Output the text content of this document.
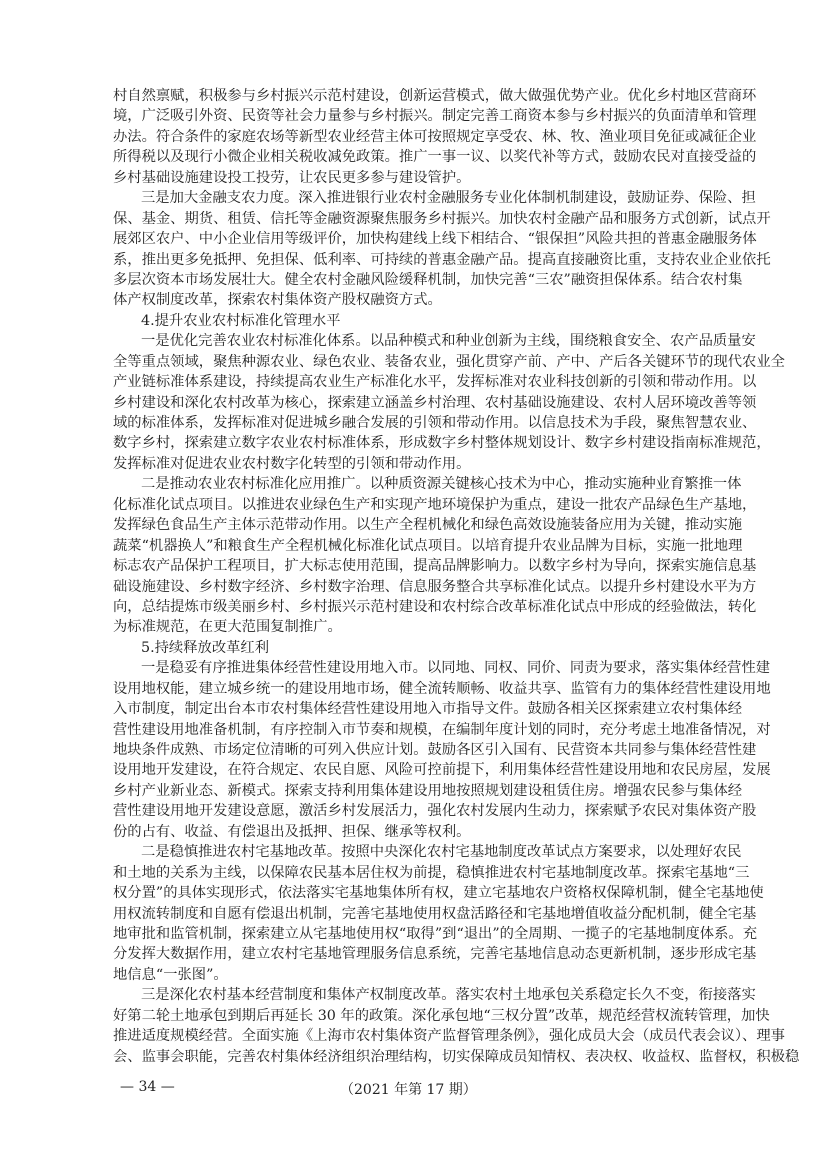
村自然禀赋，积极参与乡村振兴示范村建设，创新运营模式，做大做强优势产业。优化乡村地区营商环
境，广泛吸引外资、民资等社会力量参与乡村振兴。制定完善工商资本参与乡村振兴的负面清单和管理
办法。符合条件的家庭农场等新型农业经营主体可按照规定享受农、林、牧、渔业项目免征或减征企业
所得税以及现行小微企业相关税收减免政策。推广一事一议、以奖代补等方式，鼓励农民对直接受益的
乡村基础设施建设投工投劳，让农民更多参与建设管护。
三是加大金融支农力度。深入推进银行业农村金融服务专业化体制机制建设，鼓励证券、保险、担
保、基金、期货、租赁、信托等金融资源聚焦服务乡村振兴。加快农村金融产品和服务方式创新，试点开
展郊区农户、中小企业信用等级评价，加快构建线上线下相结合、“银保担”风险共担的普惠金融服务体
系，推出更多免抵押、免担保、低利率、可持续的普惠金融产品。提高直接融资比重，支持农业企业依托
多层次资本市场发展壮大。健全农村金融风险缓释机制，加快完善“三农”融资担保体系。结合农村集
体产权制度改革，探索农村集体资产股权融资方式。
4.提升农业农村标准化管理水平
一是优化完善农业农村标准化体系。以品种模式和种业创新为主线，围绕粮食安全、农产品质量安
全等重点领域，聚焦种源农业、绿色农业、装备农业，强化贯穿产前、产中、产后各关键环节的现代农业全
产业链标准体系建设，持续提高农业生产标准化水平，发挥标准对农业科技创新的引领和带动作用。以
乡村建设和深化农村改革为核心，探索建立涵盖乡村治理、农村基础设施建设、农村人居环境改善等领
域的标准体系，发挥标准对促进城乡融合发展的引领和带动作用。以信息技术为手段，聚焦智慧农业、
数字乡村，探索建立数字农业农村标准体系，形成数字乡村整体规划设计、数字乡村建设指南标准规范，
发挥标准对促进农业农村数字化转型的引领和带动作用。
二是推动农业农村标准化应用推广。以种质资源关键核心技术为中心，推动实施种业育繁推一体
化标准化试点项目。以推进农业绿色生产和实现产地环境保护为重点，建设一批农产品绿色生产基地，
发挥绿色食品生产主体示范带动作用。以生产全程机械化和绿色高效设施装备应用为关键，推动实施
蔬菜“机器换人”和粮食生产全程机械化标准化试点项目。以培育提升农业品牌为目标，实施一批地理
标志农产品保护工程项目，扩大标志使用范围，提高品牌影响力。以数字乡村为导向，探索实施信息基
础设施建设、乡村数字经济、乡村数字治理、信息服务整合共享标准化试点。以提升乡村建设水平为方
向，总结提炼市级美丽乡村、乡村振兴示范村建设和农村综合改革标准化试点中形成的经验做法，转化
为标准规范，在更大范围复制推广。
5.持续释放改革红利
一是稳妥有序推进集体经营性建设用地入市。以同地、同权、同价、同责为要求，落实集体经营性建
设用地权能，建立城乡统一的建设用地市场，健全流转顺畅、收益共享、监管有力的集体经营性建设用地
入市制度，制定出台本市农村集体经营性建设用地入市指导文件。鼓励各相关区探索建立农村集体经
营性建设用地准备机制，有序控制入市节奏和规模，在编制年度计划的同时，充分考虑土地准备情况，对
地块条件成熟、市场定位清晰的可列入供应计划。鼓励各区引入国有、民营资本共同参与集体经营性建
设用地开发建设，在符合规定、农民自愿、风险可控前提下，利用集体经营性建设用地和农民房屋，发展
乡村产业新业态、新模式。探索支持利用集体建设用地按照规划建设租赁住房。增强农民参与集体经
营性建设用地开发建设意愿，激活乡村发展活力，强化农村发展内生动力，探索赋予农民对集体资产股
份的占有、收益、有偿退出及抵押、担保、继承等权利。
二是稳慎推进农村宅基地改革。按照中央深化农村宅基地制度改革试点方案要求，以处理好农民
和土地的关系为主线，以保障农民基本居住权为前提，稳慎推进农村宅基地制度改革。探索宅基地“三
权分置”的具体实现形式，依法落实宅基地集体所有权，建立宅基地农户资格权保障机制，健全宅基地使
用权流转制度和自愿有偿退出机制，完善宅基地使用权盘活路径和宅基地增值收益分配机制，健全宅基
地审批和监管机制，探索建立从宅基地使用权“取得”到“退出”的全周期、一揽子的宅基地制度体系。充
分发挥大数据作用，建立农村宅基地管理服务信息系统，完善宅基地信息动态更新机制，逐步形成宅基
地信息“一张图”。
三是深化农村基本经营制度和集体产权制度改革。落实农村土地承包关系稳定长久不变，衔接落实
好第二轮土地承包到期后再延长 30 年的政策。深化承包地“三权分置”改革，规范经营权流转管理，加快
推进适度规模经营。全面实施《上海市农村集体资产监督管理条例》，强化成员大会（成员代表会议）、理事
会、监事会职能，完善农村集体经济组织治理结构，切实保障成员知情权、表决权、收益权、监督权，积极稳
— 34 —	（2021 年第 17 期）
